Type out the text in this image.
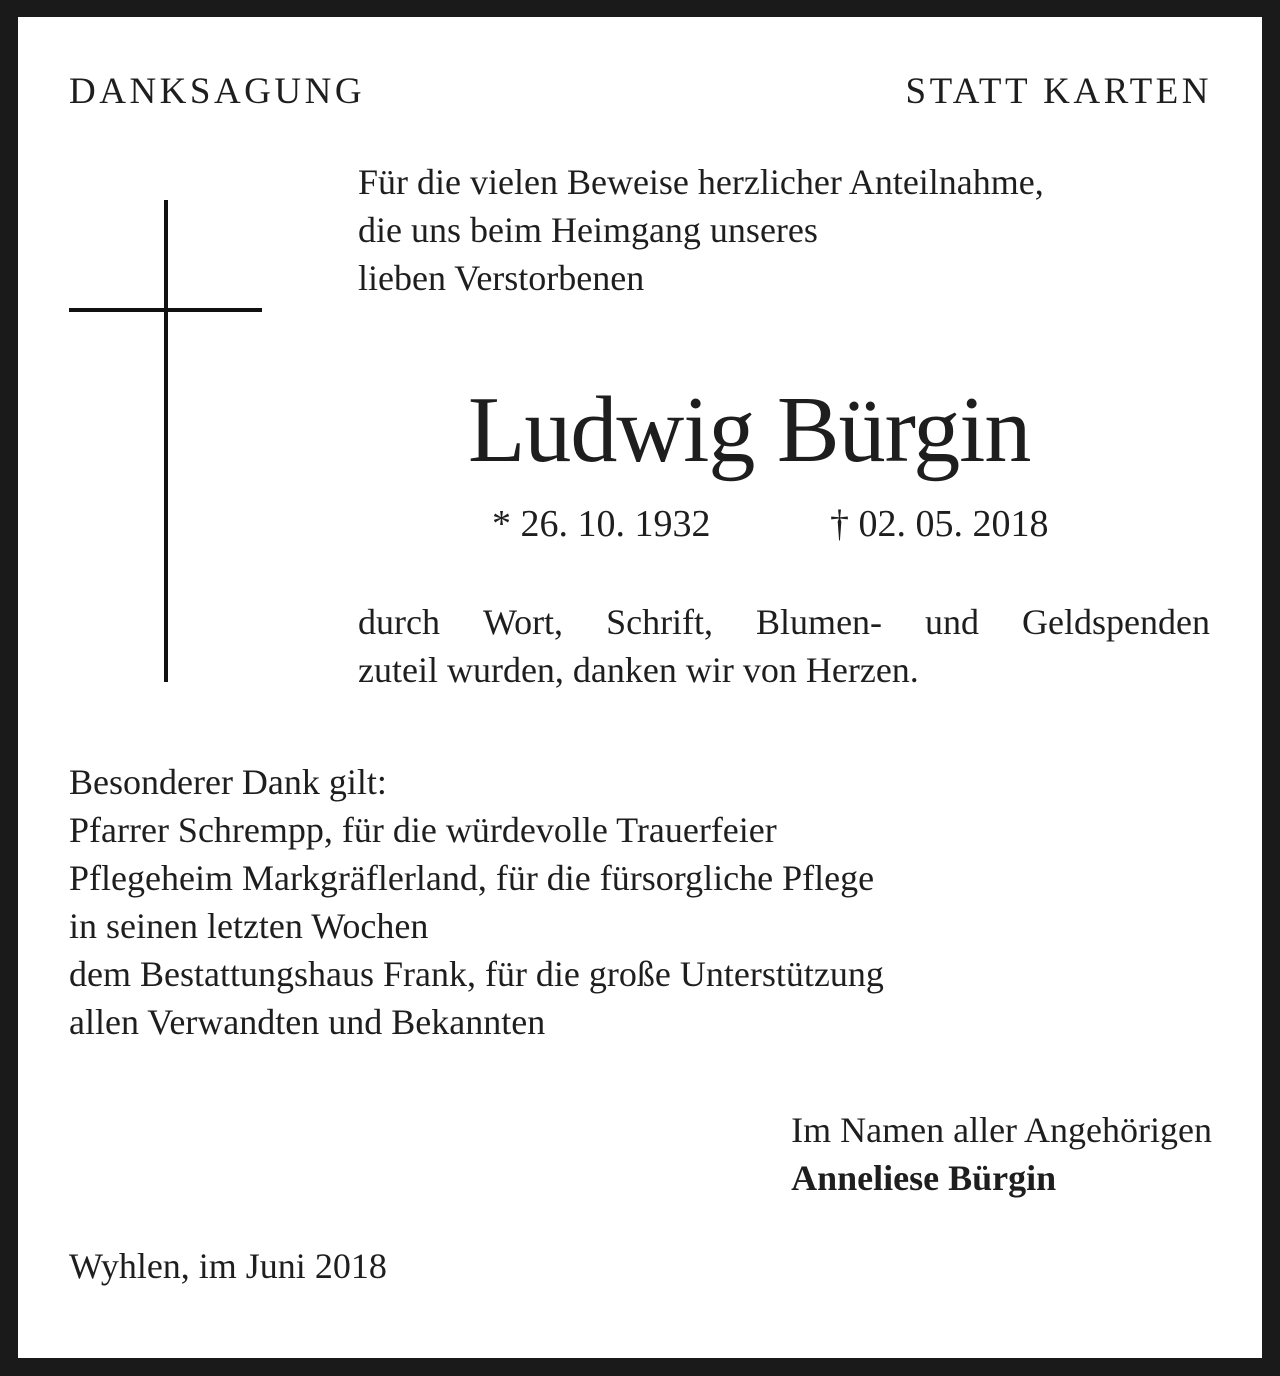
DANKSAGUNG	STATT KARTEN
Für die vielen Beweise herzlicher Anteilnahme,
die uns beim Heimgang unseres
lieben Verstorbenen
Ludwig Bürgin
* 26. 10. 1932	† 02. 05. 2018
durch Wort, Schrift, Blumen- und Geldspenden
zuteil wurden, danken wir von Herzen.
Besonderer Dank gilt:
Pfarrer Schrempp, für die würdevolle Trauerfeier
Pflegeheim Markgräflerland, für die fürsorgliche Pflege
in seinen letzten Wochen
dem Bestattungshaus Frank, für die große Unterstützung
allen Verwandten und Bekannten
Im Namen aller Angehörigen
Anneliese Bürgin
Wyhlen, im Juni 2018
